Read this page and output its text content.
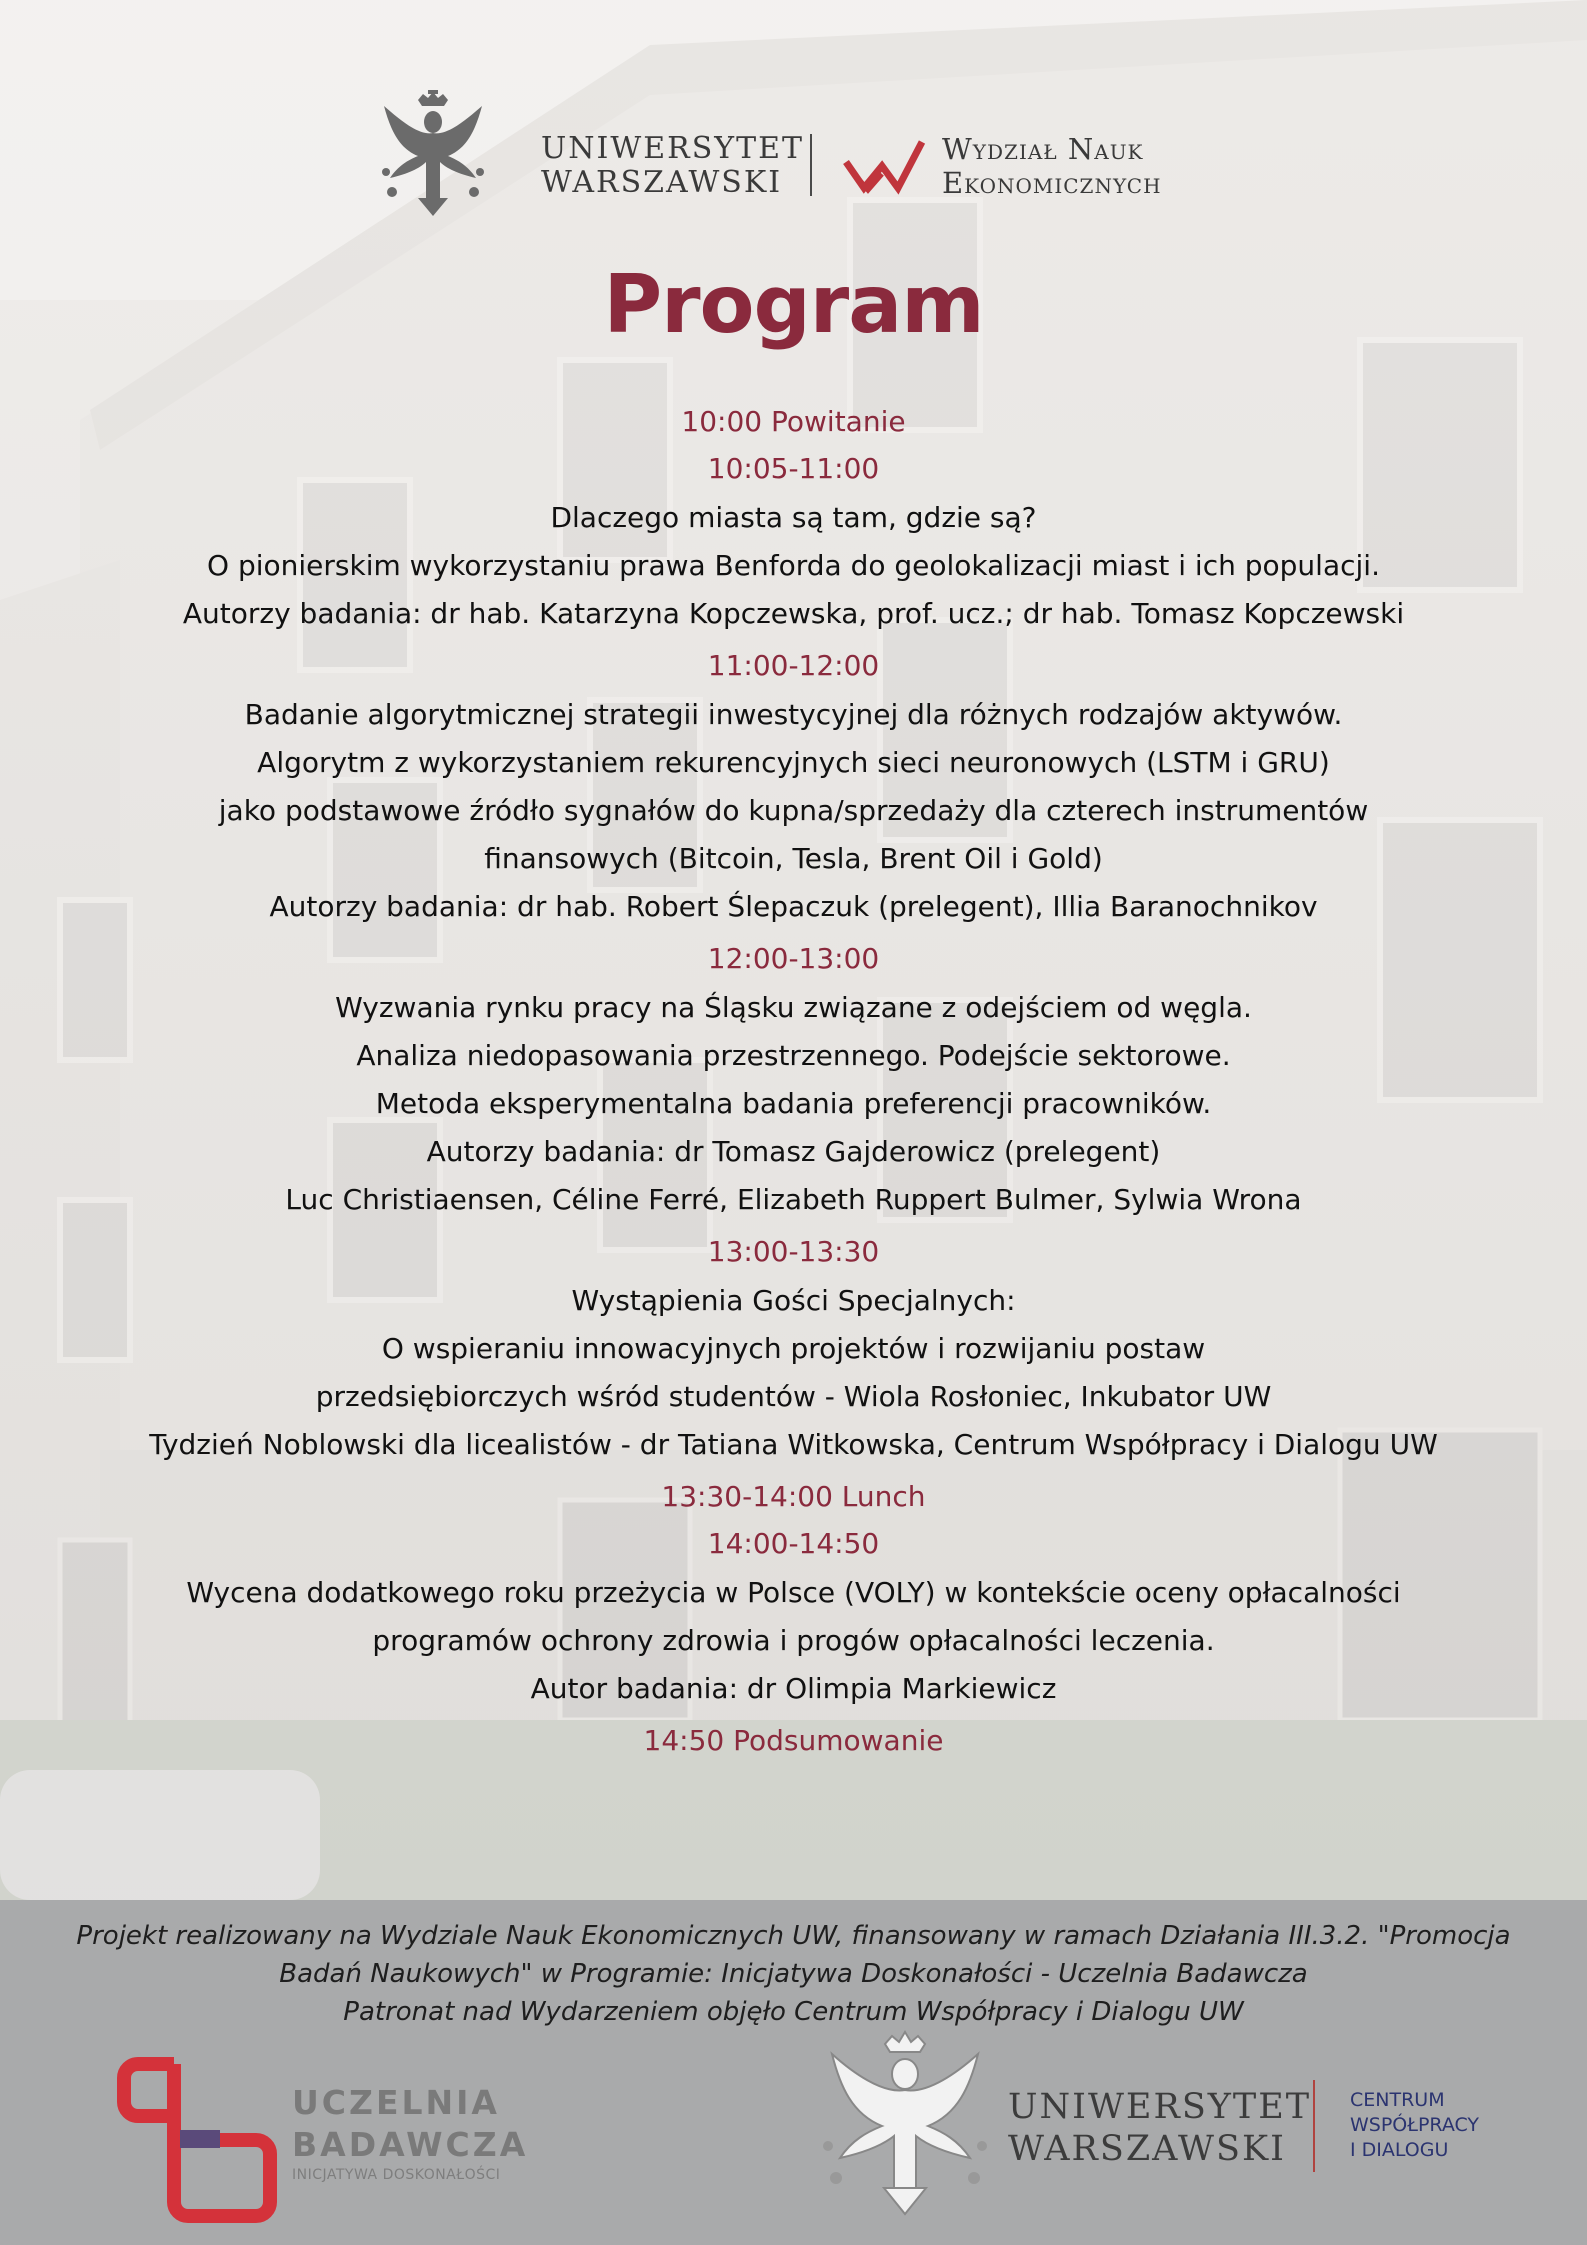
UNIWERSYTET
WARSZAWSKI
Wydział Nauk
Ekonomicznych
Program
10:00 Powitanie
10:05-11:00
Dlaczego miasta są tam, gdzie są?
O pionierskim wykorzystaniu prawa Benforda do geolokalizacji miast i ich populacji.
Autorzy badania: dr hab. Katarzyna Kopczewska, prof. ucz.; dr hab. Tomasz Kopczewski
11:00-12:00
Badanie algorytmicznej strategii inwestycyjnej dla różnych rodzajów aktywów.
Algorytm z wykorzystaniem rekurencyjnych sieci neuronowych (LSTM i GRU)
jako podstawowe źródło sygnałów do kupna/sprzedaży dla czterech instrumentów
finansowych (Bitcoin, Tesla, Brent Oil i Gold)
Autorzy badania: dr hab. Robert Ślepaczuk (prelegent), Illia Baranochnikov
12:00-13:00
Wyzwania rynku pracy na Śląsku związane z odejściem od węgla.
Analiza niedopasowania przestrzennego. Podejście sektorowe.
Metoda eksperymentalna badania preferencji pracowników.
Autorzy badania: dr Tomasz Gajderowicz (prelegent)
Luc Christiaensen, Céline Ferré, Elizabeth Ruppert Bulmer, Sylwia Wrona
13:00-13:30
Wystąpienia Gości Specjalnych:
O wspieraniu innowacyjnych projektów i rozwijaniu postaw
przedsiębiorczych wśród studentów - Wiola Rosłoniec, Inkubator UW
Tydzień Noblowski dla licealistów - dr Tatiana Witkowska, Centrum Współpracy i Dialogu UW
13:30-14:00 Lunch
14:00-14:50
Wycena dodatkowego roku przeżycia w Polsce (VOLY) w kontekście oceny opłacalności
programów ochrony zdrowia i progów opłacalności leczenia.
Autor badania: dr Olimpia Markiewicz
14:50 Podsumowanie
Projekt realizowany na Wydziale Nauk Ekonomicznych UW, finansowany w ramach Działania III.3.2. "Promocja
Badań Naukowych" w Programie: Inicjatywa Doskonałości - Uczelnia Badawcza
Patronat nad Wydarzeniem objęło Centrum Współpracy i Dialogu UW
UCZELNIA
BADAWCZA
INICJATYWA DOSKONAŁOŚCI
UNIWERSYTET
WARSZAWSKI
CENTRUM
WSPÓŁPRACY
I DIALOGU
